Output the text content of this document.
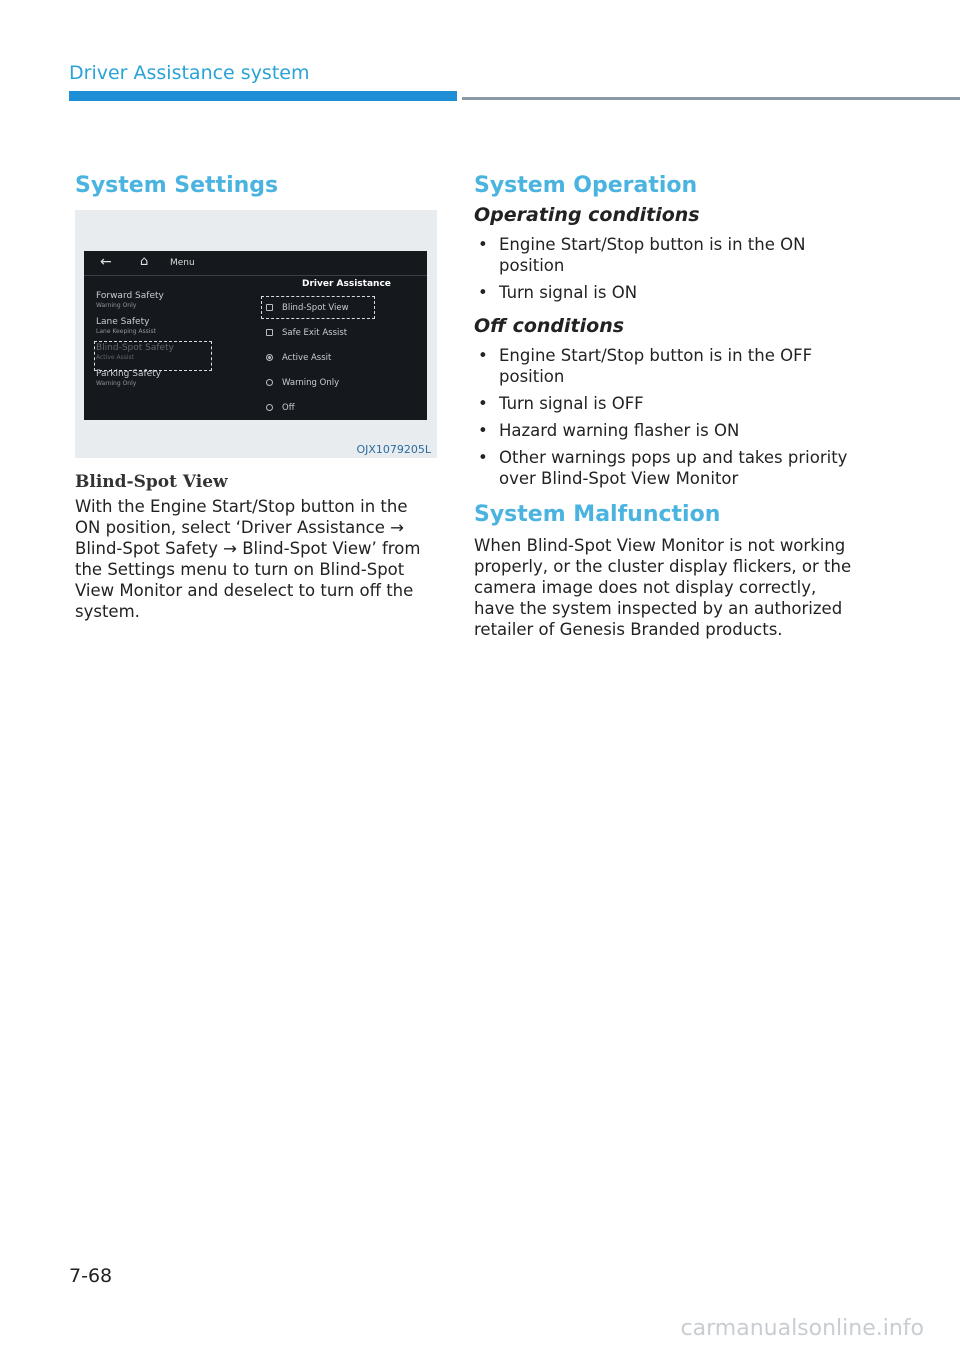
Driver Assistance system
System Settings
← ⌂ Menu
Driver Assistance
Forward Safety
Warning Only
Lane Safety
Lane Keeping Assist
Blind-Spot Safety
Active Assist
Parking Safety
Warning Only
Blind-Spot View
Safe Exit Assist
Active Assit
Warning Only
Off
OJX1079205L
Blind-Spot View

With the Engine Start/Stop button in the ON position, select ‘Driver Assistance → Blind-Spot Safety → Blind-Spot View’ from the Settings menu to turn on Blind-Spot View Monitor and deselect to turn off the system.

System Operation
Operating conditions
• Engine Start/Stop button is in the ON position
• Turn signal is ON
Off conditions
• Engine Start/Stop button is in the OFF position
• Turn signal is OFF
• Hazard warning flasher is ON
• Other warnings pops up and takes priority over Blind-Spot View Monitor
System Malfunction

When Blind-Spot View Monitor is not working properly, or the cluster display flickers, or the camera image does not display correctly, have the system inspected by an authorized retailer of Genesis Branded products.

7-68
carmanualsonline.info
